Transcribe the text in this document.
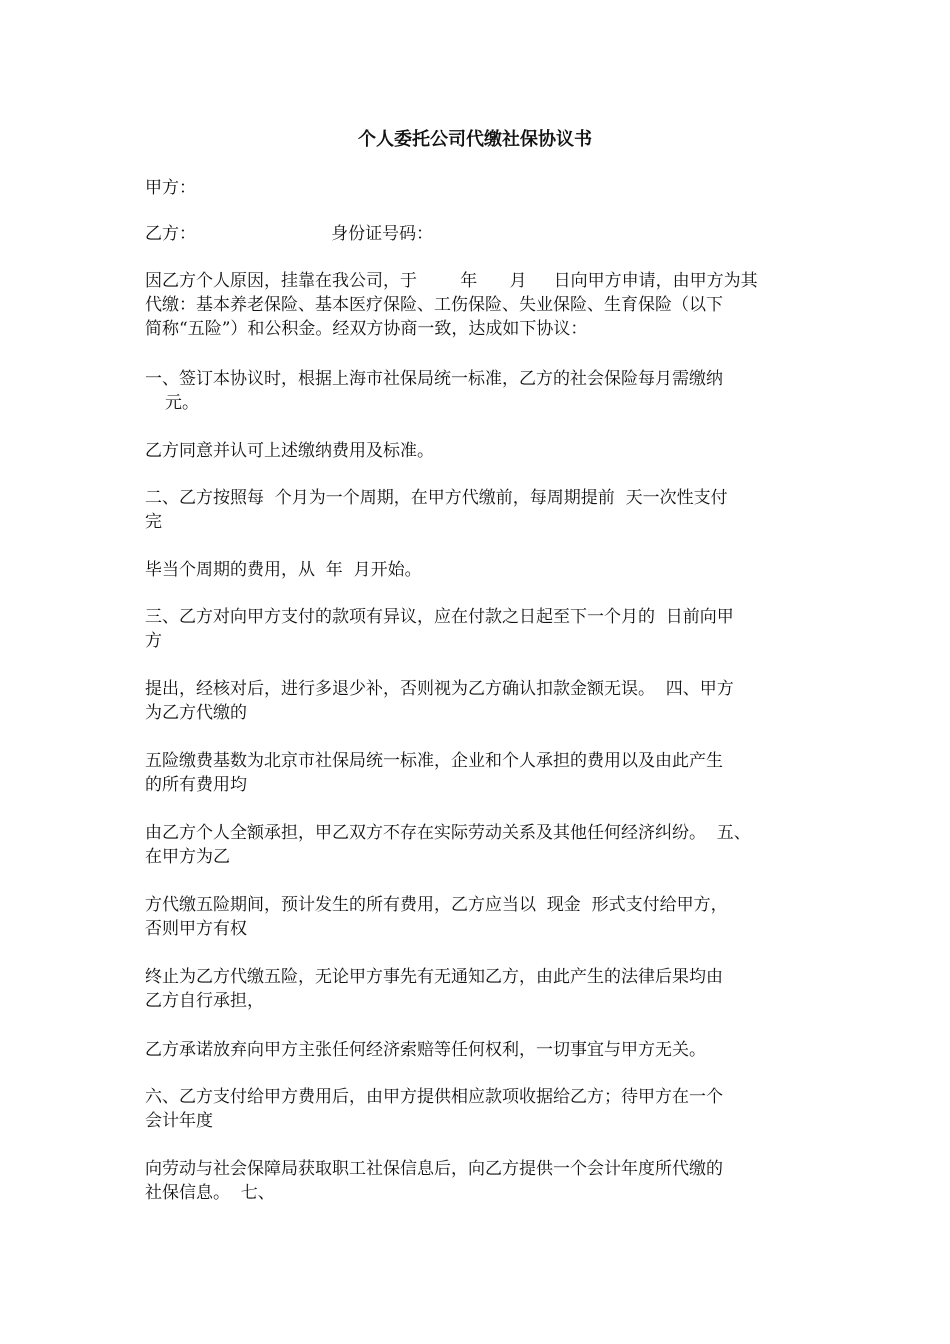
个人委托公司代缴社保协议书

甲方：

乙方：                         身份证号码：

因乙方个人原因，挂靠在我公司，于        年      月     日向甲方申请，由甲方为其

代缴：基本养老保险、基本医疗保险、工伤保险、失业保险、生育保险（以下

简称“五险”）和公积金。经双方协商一致，达成如下协议：

一、签订本协议时，根据上海市社保局统一标准，乙方的社会保险每月需缴纳

元。

乙方同意并认可上述缴纳费用及标准。

二、乙方按照每  个月为一个周期，在甲方代缴前，每周期提前  天一次性支付

完

毕当个周期的费用，从  年  月开始。

三、乙方对向甲方支付的款项有异议，应在付款之日起至下一个月的  日前向甲

方

提出，经核对后，进行多退少补，否则视为乙方确认扣款金额无误。  四、甲方

为乙方代缴的

五险缴费基数为北京市社保局统一标准，企业和个人承担的费用以及由此产生

的所有费用均

由乙方个人全额承担，甲乙双方不存在实际劳动关系及其他任何经济纠纷。  五、

在甲方为乙

方代缴五险期间，预计发生的所有费用，乙方应当以  现金  形式支付给甲方，

否则甲方有权

终止为乙方代缴五险，无论甲方事先有无通知乙方，由此产生的法律后果均由

乙方自行承担，

乙方承诺放弃向甲方主张任何经济索赔等任何权利，一切事宜与甲方无关。

六、乙方支付给甲方费用后，由甲方提供相应款项收据给乙方；待甲方在一个

会计年度

向劳动与社会保障局获取职工社保信息后，向乙方提供一个会计年度所代缴的

社保信息。  七、
